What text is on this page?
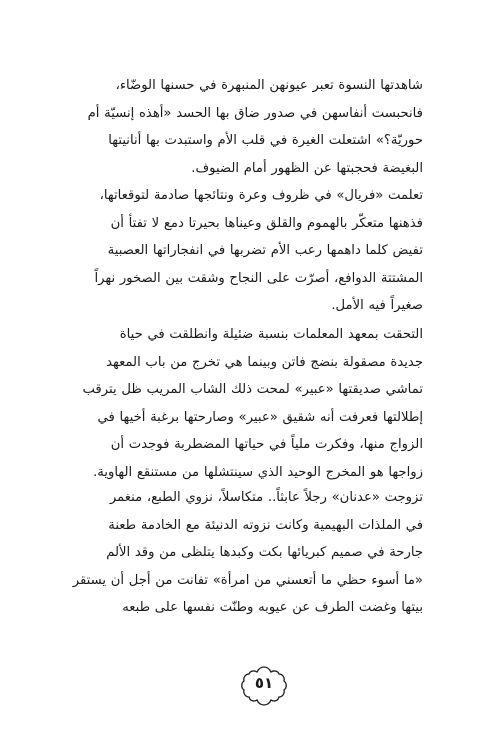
شاهدتها النسوة تعبر عيونهن المنبهرة في حسنها الوضّاء،
فانحبست أنفاسهن في صدور ضاق بها الحسد «أهذه إنسيّة أم
حوريّة؟» اشتعلت الغيرة في قلب الأم واستبدت بها أنانيتها
البغيضة فحجبتها عن الظهور أمام الضيوف.

تعلمت «فريال» في ظروف وعرة ونتائجها صادمة لتوقعاتها،
فذهنها متعكّر بالهموم والقلق وعيناها بحيرتا دمع لا تفتأ أن
تفيض كلما داهمها رعب الأم تضربها في انفجاراتها العصبية
المشتتة الدوافع، أصرّت على النجاح وشقت بين الصخور نهراً
صغيراً فيه الأمل.

التحقت بمعهد المعلمات بنسبة ضئيلة وانطلقت في حياة
جديدة مصقولة بنضج فاتن وبينما هي تخرج من باب المعهد
تماشي صديقتها «عبير» لمحت ذلك الشاب المريب ظل يترقب
إطلالتها فعرفت أنه شقيق «عبير» وصارحتها برغبة أخيها في
الزواج منها، وفكرت ملياً في حياتها المضطربة فوجدت أن
زواجها هو المخرج الوحيد الذي سينتشلها من مستنقع الهاوية.

تزوجت «عدنان» رجلاً عابثاً.. متكاسلاً، نزوي الطبع، منغمر
في الملذات البهيمية وكانت نزوته الدنيئة مع الخادمة طعنة
جارحة في صميم كبريائها بكت وكبدها يتلظى من وقد الألم
«ما أسوء حظي ما أتعسني من امرأة» تفانت من أجل أن يستقر
بيتها وغضت الطرف عن عيوبه وطنّت نفسها على طبعه

٥١
